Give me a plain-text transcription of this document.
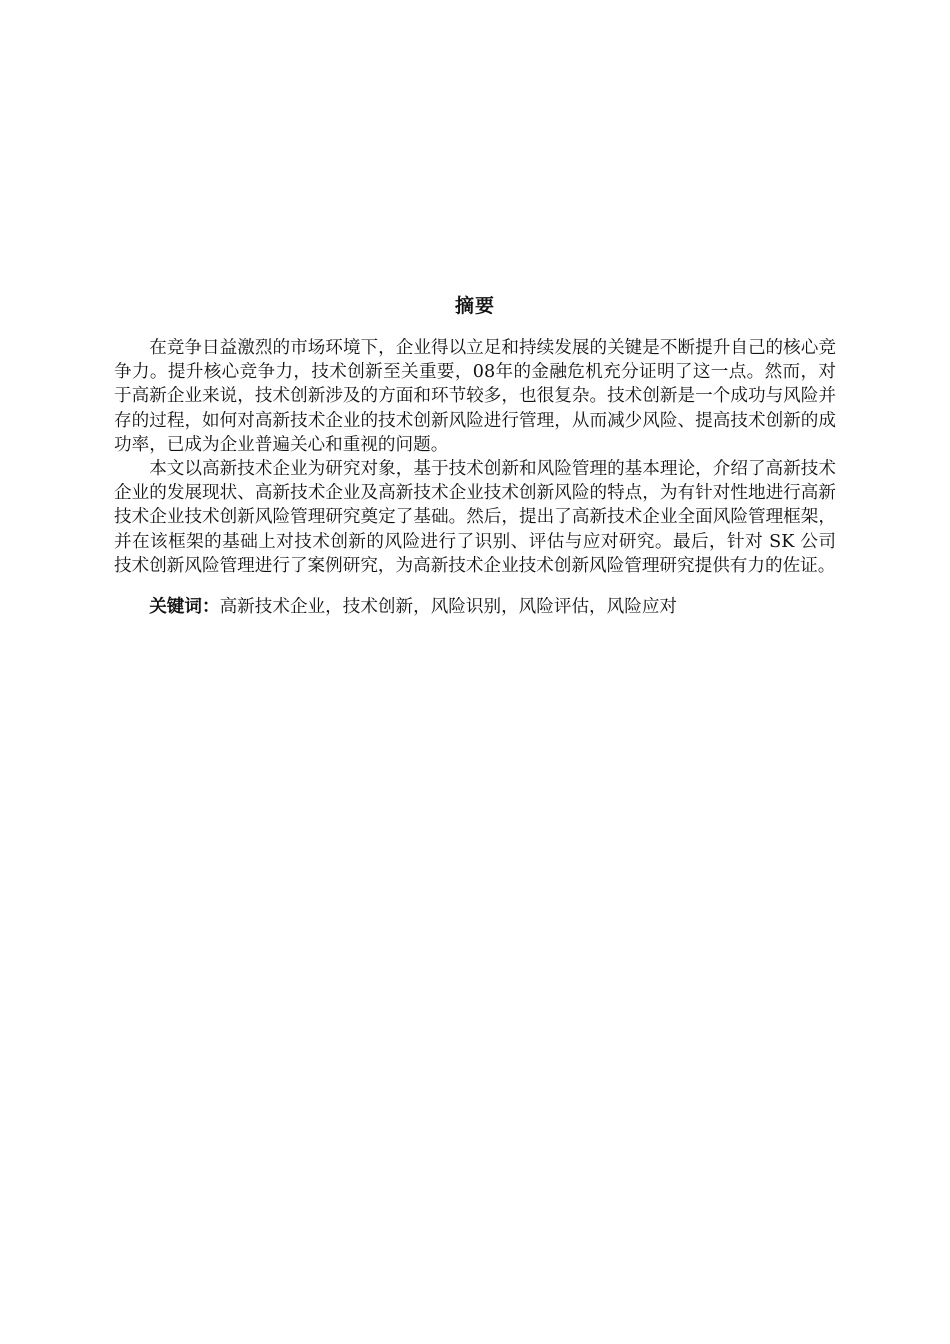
摘要

在竞争日益激烈的市场环境下，企业得以立足和持续发展的关键是不断提升自己的核心竞争力。提升核心竞争力，技术创新至关重要，08年的金融危机充分证明了这一点。然而，对于高新企业来说，技术创新涉及的方面和环节较多，也很复杂。技术创新是一个成功与风险并存的过程，如何对高新技术企业的技术创新风险进行管理，从而减少风险、提高技术创新的成功率，已成为企业普遍关心和重视的问题。

本文以高新技术企业为研究对象，基于技术创新和风险管理的基本理论，介绍了高新技术企业的发展现状、高新技术企业及高新技术企业技术创新风险的特点，为有针对性地进行高新技术企业技术创新风险管理研究奠定了基础。然后，提出了高新技术企业全面风险管理框架，并在该框架的基础上对技术创新的风险进行了识别、评估与应对研究。最后，针对 SK 公司技术创新风险管理进行了案例研究，为高新技术企业技术创新风险管理研究提供有力的佐证。

关键词：高新技术企业，技术创新，风险识别，风险评估，风险应对
